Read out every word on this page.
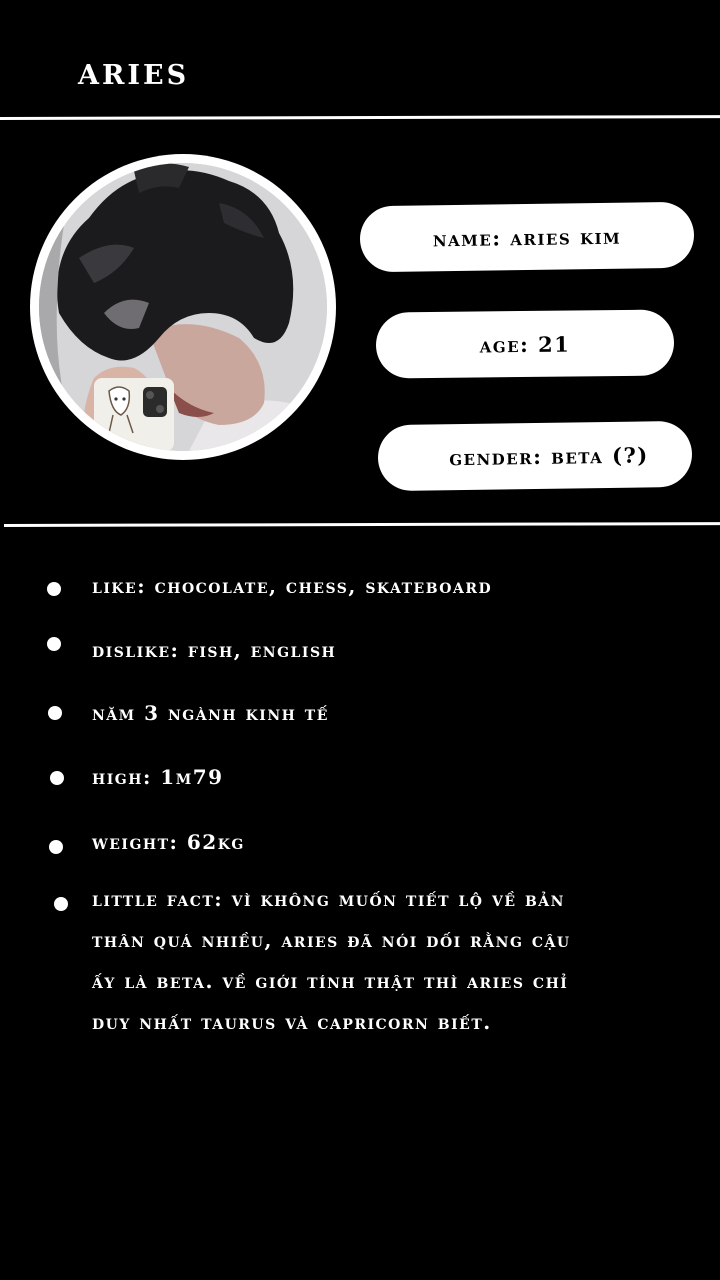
aries
name: aries kim
age: 21
gender: beta (?)
like: chocolate, chess, skateboard
dislike: fish, english
năm 3 ngành kinh tế
high: 1m79
weight: 62kg
little fact: vì không muốn tiết lộ về bản thân quá nhiều, aries đã nói dối rằng cậu ấy là beta. về giới tính thật thì aries chỉ duy nhất taurus và capricorn biết.
